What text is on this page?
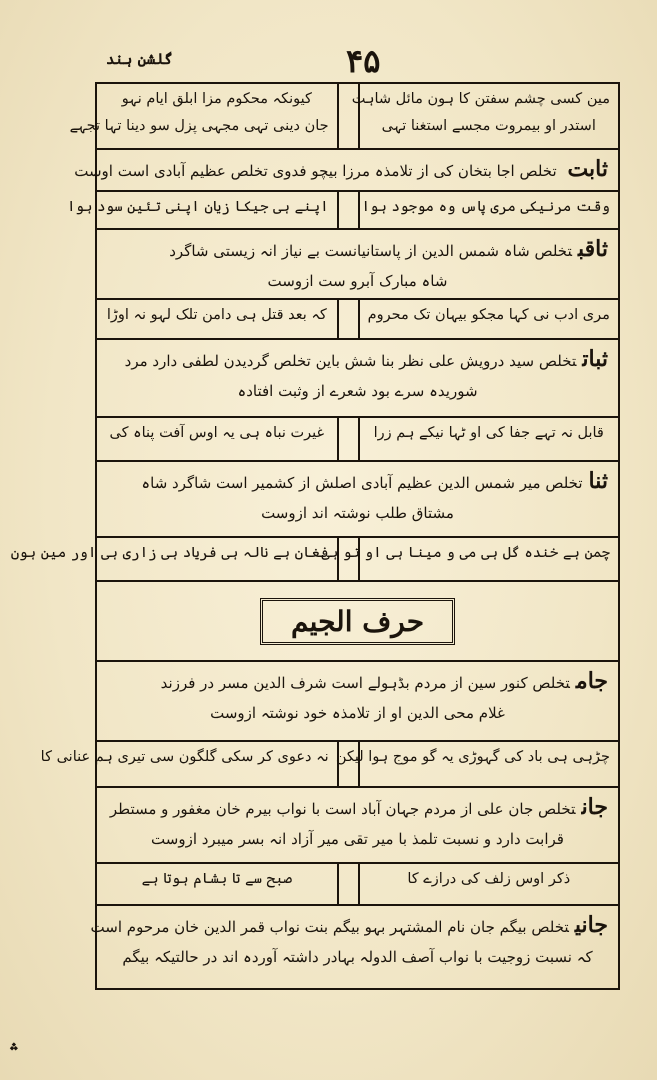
گلشن ہند	۴۵
مین کسی چشم سفتن کا ہون مائل شاہت
استدر او بیمروت مجسے استغنا تہی
کیونکہ محکوم مزا ابلق ایام نہو
جان دینی تہی مجہی پزل سو دینا تہا تجہے
ثابت تخلص اجا بتخان کی از تلامذہ مرزا بیچو فدوی تخلص عظیم آبادی است اوست
وقت مرنیکی مری پاس وہ موجود ہوا
اپنے ہی جیکا زیان اپنی تئین سود ہوا
ثاقبتخلص شاہ شمس الدین از پاستانیانست بے نیاز انہ زیستی شاگرد
شاہ مبارک آبرو ست ازوست
مری ادب نی کہا مجکو بیہان تک محروم
کہ بعد قتل ہی دامن تلک لہو نہ اوڑا
ثباتتخلص سید درویش علی نظر بنا شش باین تخلص گردیدن لطفی دارد مرد
شوریدہ سرے بود شعرے از وثبت افتادہ
قابل نہ تہے جفا کی او ٹہا نیکے ہم زرا
غیرت نباہ ہی یہ اوس آفت پناہ کی
ثناتخلص میر شمس الدین عظیم آبادی اصلش از کشمیر است شاگرد شاہ
مشتاق طلب نوشتہ اند ازوست
چمن ہے خندہ گل ہی می و مینا ہی او تو ہی
فغان ہے نالہ ہی فریاد ہی زاری ہی اور مین ہون
حرف الجیم
جامتخلص کنور سین از مردم بڈہولے است شرف الدین مسر در فرزند
غلام محی الدین او از تلامذہ خود نوشتہ ازوست
چڑہی ہی باد کی گہوڑی یہ گو موج ہوا لیکن
نہ دعوی کر سکی گلگون سی تیری ہم عنانی کا
جانتخلص جان علی از مردم جہان آباد است با نواب بیرم خان مغفور و مستطر
قرابت دارد و نسبت تلمذ با میر تقی میر آزاد انہ بسر میبرد ازوست
ذکر اوس زلف کی درازے کا
صبح سے تا بشام ہوتا ہے
جانیتخلص بیگم جان نام المشتہر بہو بیگم بنت نواب قمر الدین خان مرحوم است
کہ نسبت زوجیت با نواب آصف الدولہ بہادر داشتہ آوردہ اند در حالتیکہ بیگم
؞
